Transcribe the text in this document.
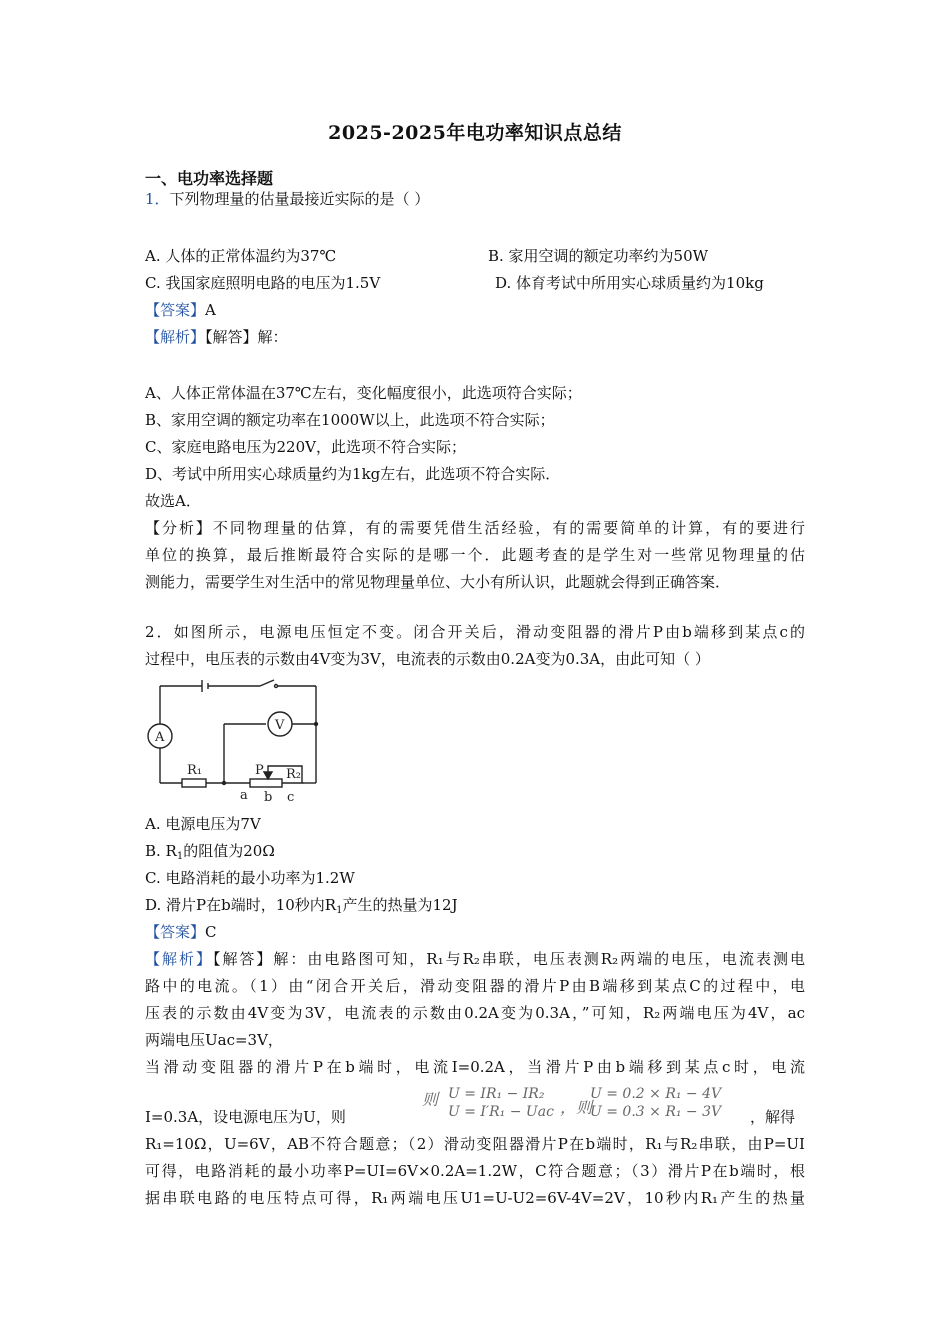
2025-2025年电功率知识点总结
一、电功率选择题
1．下列物理量的估量最接近实际的是（ ）
A. 人体的正常体温约为37℃	B. 家用空调的额定功率约为50W
C. 我国家庭照明电路的电压为1.5V	D. 体育考试中所用实心球质量约为10kg
【答案】A
【解析】【解答】解：
A、人体正常体温在37℃左右，变化幅度很小，此选项符合实际；
B、家用空调的额定功率在1000W以上，此选项不符合实际；
C、家庭电路电压为220V，此选项不符合实际；
D、考试中所用实心球质量约为1kg左右，此选项不符合实际．
故选A．
【分析】不同物理量的估算，有的需要凭借生活经验，有的需要简单的计算，有的要进行
单位的换算，最后推断最符合实际的是哪一个．此题考查的是学生对一些常见物理量的估
测能力，需要学生对生活中的常见物理量单位、大小有所认识，此题就会得到正确答案．
2．如图所示，电源电压恒定不变。闭合开关后，滑动变阻器的滑片P由b端移到某点c的
过程中，电压表的示数由4V变为3V，电流表的示数由0.2A变为0.3A，由此可知（ ）
A
V
R₁	P R₂
a b c
A. 电源电压为7V
B. $R_1$的阻值为20Ω
C. 电路消耗的最小功率为1.2W
D. 滑片P在b端时，10秒内$R_1$产生的热量为12J
【答案】C
【解析】【解答】解：由电路图可知，R₁与R₂串联，电压表测R₂两端的电压，电流表测电
路中的电流。（1）由“闭合开关后，滑动变阻器的滑片P由B端移到某点C的过程中，电
压表的示数由4V变为3V，电流表的示数由0.2A变为0.3A，”可知，R₂两端电压为4V，ac
两端电压Uac=3V，
当滑动变阻器的滑片P在b端时，电流I=0.2A，当滑片P由b端移到某点c时，电流
I=0.3A，设电源电压为U，则
则 U = IR₁ − IR₂
U = I′R₁ − Uac ，则
U = 0.2 × R₁ − 4V
U = 0.3 × R₁ − 3V ，解得
R₁=10Ω，U=6V，AB不符合题意；（2）滑动变阻器滑片P在b端时，R₁与R₂串联，由P=UI
可得，电路消耗的最小功率P=UI=6V×0.2A=1.2W，C符合题意；（3）滑片P在b端时，根
据串联电路的电压特点可得，R₁两端电压U1=U-U2=6V-4V=2V，10秒内R₁产生的热量
